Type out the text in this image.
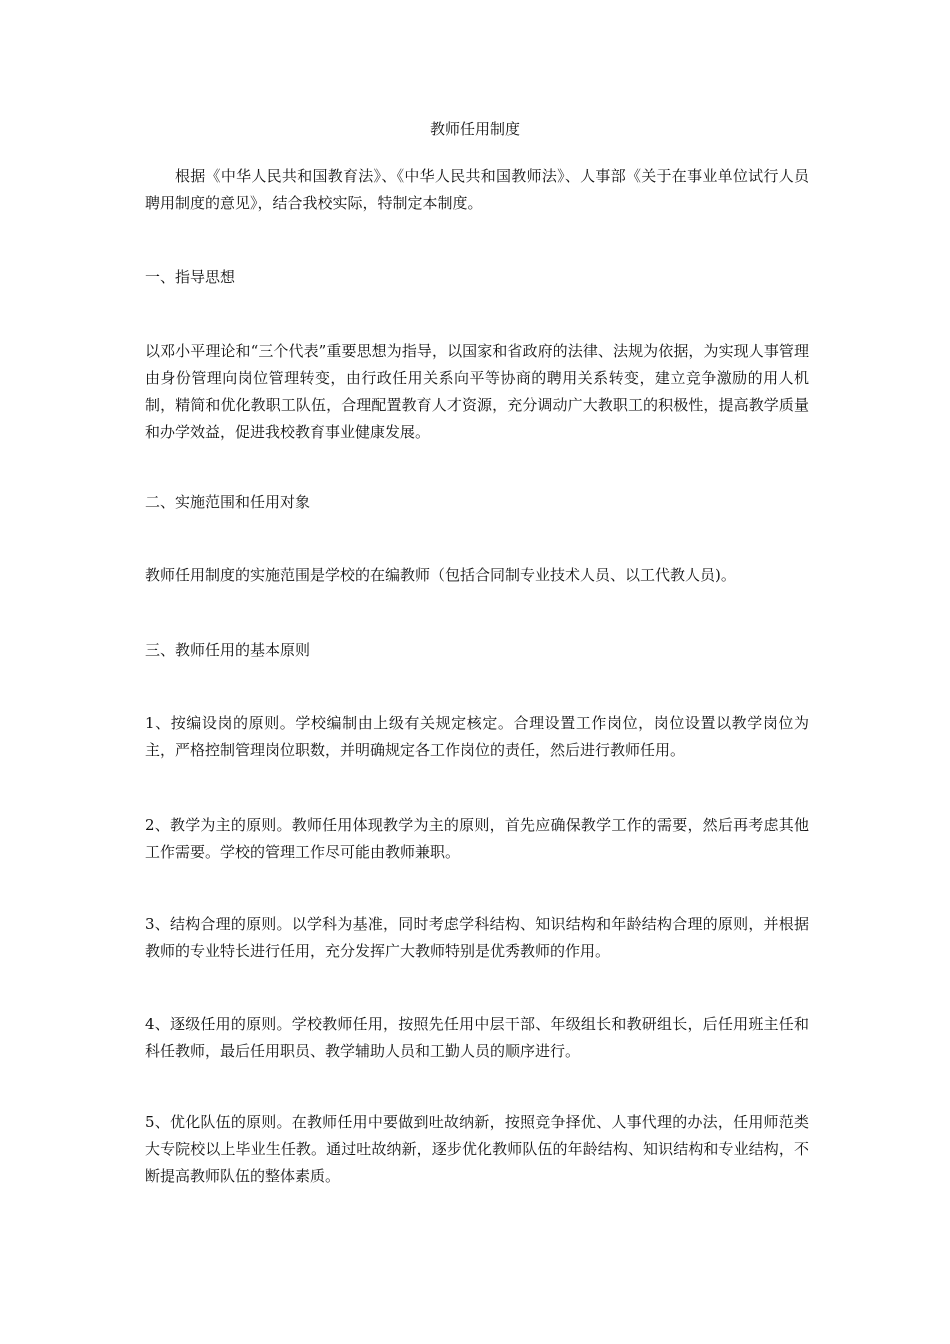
教师任用制度

根据《中华人民共和国教育法》、《中华人民共和国教师法》、人事部《关于在事业单位试行人员聘用制度的意见》，结合我校实际，特制定本制度。

一、指导思想

以邓小平理论和“三个代表”重要思想为指导，以国家和省政府的法律、法规为依据，为实现人事管理由身份管理向岗位管理转变，由行政任用关系向平等协商的聘用关系转变，建立竞争激励的用人机制，精简和优化教职工队伍，合理配置教育人才资源，充分调动广大教职工的积极性，提高教学质量和办学效益，促进我校教育事业健康发展。

二、实施范围和任用对象

教师任用制度的实施范围是学校的在编教师（包括合同制专业技术人员、以工代教人员)。

三、教师任用的基本原则

1、按编设岗的原则。学校编制由上级有关规定核定。合理设置工作岗位，岗位设置以教学岗位为主，严格控制管理岗位职数，并明确规定各工作岗位的责任，然后进行教师任用。

2、教学为主的原则。教师任用体现教学为主的原则，首先应确保教学工作的需要，然后再考虑其他工作需要。学校的管理工作尽可能由教师兼职。

3、结构合理的原则。以学科为基准，同时考虑学科结构、知识结构和年龄结构合理的原则，并根据教师的专业特长进行任用，充分发挥广大教师特别是优秀教师的作用。

4、逐级任用的原则。学校教师任用，按照先任用中层干部、年级组长和教研组长，后任用班主任和科任教师，最后任用职员、教学辅助人员和工勤人员的顺序进行。

5、优化队伍的原则。在教师任用中要做到吐故纳新，按照竞争择优、人事代理的办法，任用师范类大专院校以上毕业生任教。通过吐故纳新，逐步优化教师队伍的年龄结构、知识结构和专业结构，不断提高教师队伍的整体素质。
